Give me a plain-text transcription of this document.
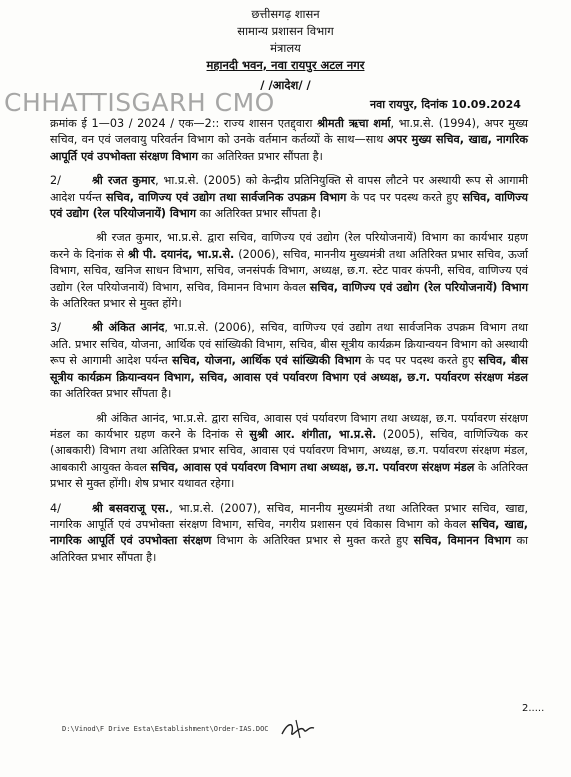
छत्तीसगढ़ शासन
सामान्य प्रशासन विभाग
मंत्रालय
महानदी भवन, नवा रायपुर अटल नगर
/ /आदेश/ /
CHHATTISGARH CMO	नवा रायपुर, दिनांक 10.09.2024

क्रमांक ई 1—03 / 2024 / एक—2:: राज्य शासन एतद्द्वारा श्रीमती ऋचा शर्मा, भा.प्र.से. (1994), अपर मुख्य सचिव, वन एवं जलवायु परिवर्तन विभाग को उनके वर्तमान कर्तव्यों के साथ—साथ अपर मुख्य सचिव, खाद्य, नागरिक आपूर्ति एवं उपभोक्ता संरक्षण विभाग का अतिरिक्त प्रभार सौंपता है।

2/	श्री रजत कुमार, भा.प्र.से. (2005) को केन्द्रीय प्रतिनियुक्ति से वापस लौटने पर अस्थायी रूप से आगामी आदेश पर्यन्त सचिव, वाणिज्य एवं उद्योग तथा सार्वजनिक उपक्रम विभाग के पद पर पदस्थ करते हुए सचिव, वाणिज्य एवं उद्योग (रेल परियोजनायें) विभाग का अतिरिक्त प्रभार सौंपता है।

श्री रजत कुमार, भा.प्र.से. द्वारा सचिव, वाणिज्य एवं उद्योग (रेल परियोजनायें) विभाग का कार्यभार ग्रहण करने के दिनांक से श्री पी. दयानंद, भा.प्र.से. (2006), सचिव, माननीय मुख्यमंत्री तथा अतिरिक्त प्रभार सचिव, ऊर्जा विभाग, सचिव, खनिज साधन विभाग, सचिव, जनसंपर्क विभाग, अध्यक्ष, छ.ग. स्टेट पावर कंपनी, सचिव, वाणिज्य एवं उद्योग (रेल परियोजनायें) विभाग, सचिव, विमानन विभाग केवल सचिव, वाणिज्य एवं उद्योग (रेल परियोजनायें) विभाग के अतिरिक्त प्रभार से मुक्त होंगे।

3/	श्री अंकित आनंद, भा.प्र.से. (2006), सचिव, वाणिज्य एवं उद्योग तथा सार्वजनिक उपक्रम विभाग तथा अति. प्रभार सचिव, योजना, आर्थिक एवं सांख्यिकी विभाग, सचिव, बीस सूत्रीय कार्यक्रम क्रियान्वयन विभाग को अस्थायी रूप से आगामी आदेश पर्यन्त सचिव, योजना, आर्थिक एवं सांख्यिकी विभाग के पद पर पदस्थ करते हुए सचिव, बीस सूत्रीय कार्यक्रम क्रियान्वयन विभाग, सचिव, आवास एवं पर्यावरण विभाग एवं अध्यक्ष, छ.ग. पर्यावरण संरक्षण मंडल का अतिरिक्त प्रभार सौंपता है।

श्री अंकित आनंद, भा.प्र.से. द्वारा सचिव, आवास एवं पर्यावरण विभाग तथा अध्यक्ष, छ.ग. पर्यावरण संरक्षण मंडल का कार्यभार ग्रहण करने के दिनांक से सुश्री आर. शंगीता, भा.प्र.से. (2005), सचिव, वाणिज्यिक कर (आबकारी) विभाग तथा अतिरिक्त प्रभार सचिव, आवास एवं पर्यावरण विभाग, अध्यक्ष, छ.ग. पर्यावरण संरक्षण मंडल, आबकारी आयुक्त केवल सचिव, आवास एवं पर्यावरण विभाग तथा अध्यक्ष, छ.ग. पर्यावरण संरक्षण मंडल के अतिरिक्त प्रभार से मुक्त होंगी। शेष प्रभार यथावत रहेगा।

4/	श्री बसवराजू एस., भा.प्र.से. (2007), सचिव, माननीय मुख्यमंत्री तथा अतिरिक्त प्रभार सचिव, खाद्य, नागरिक आपूर्ति एवं उपभोक्ता संरक्षण विभाग, सचिव, नगरीय प्रशासन एवं विकास विभाग को केवल सचिव, खाद्य, नागरिक आपूर्ति एवं उपभोक्ता संरक्षण विभाग के अतिरिक्त प्रभार से मुक्त करते हुए सचिव, विमानन विभाग का अतिरिक्त प्रभार सौंपता है।

2.....
D:\Vinod\F Drive Esta\Establishment\Order-IAS.DOC
